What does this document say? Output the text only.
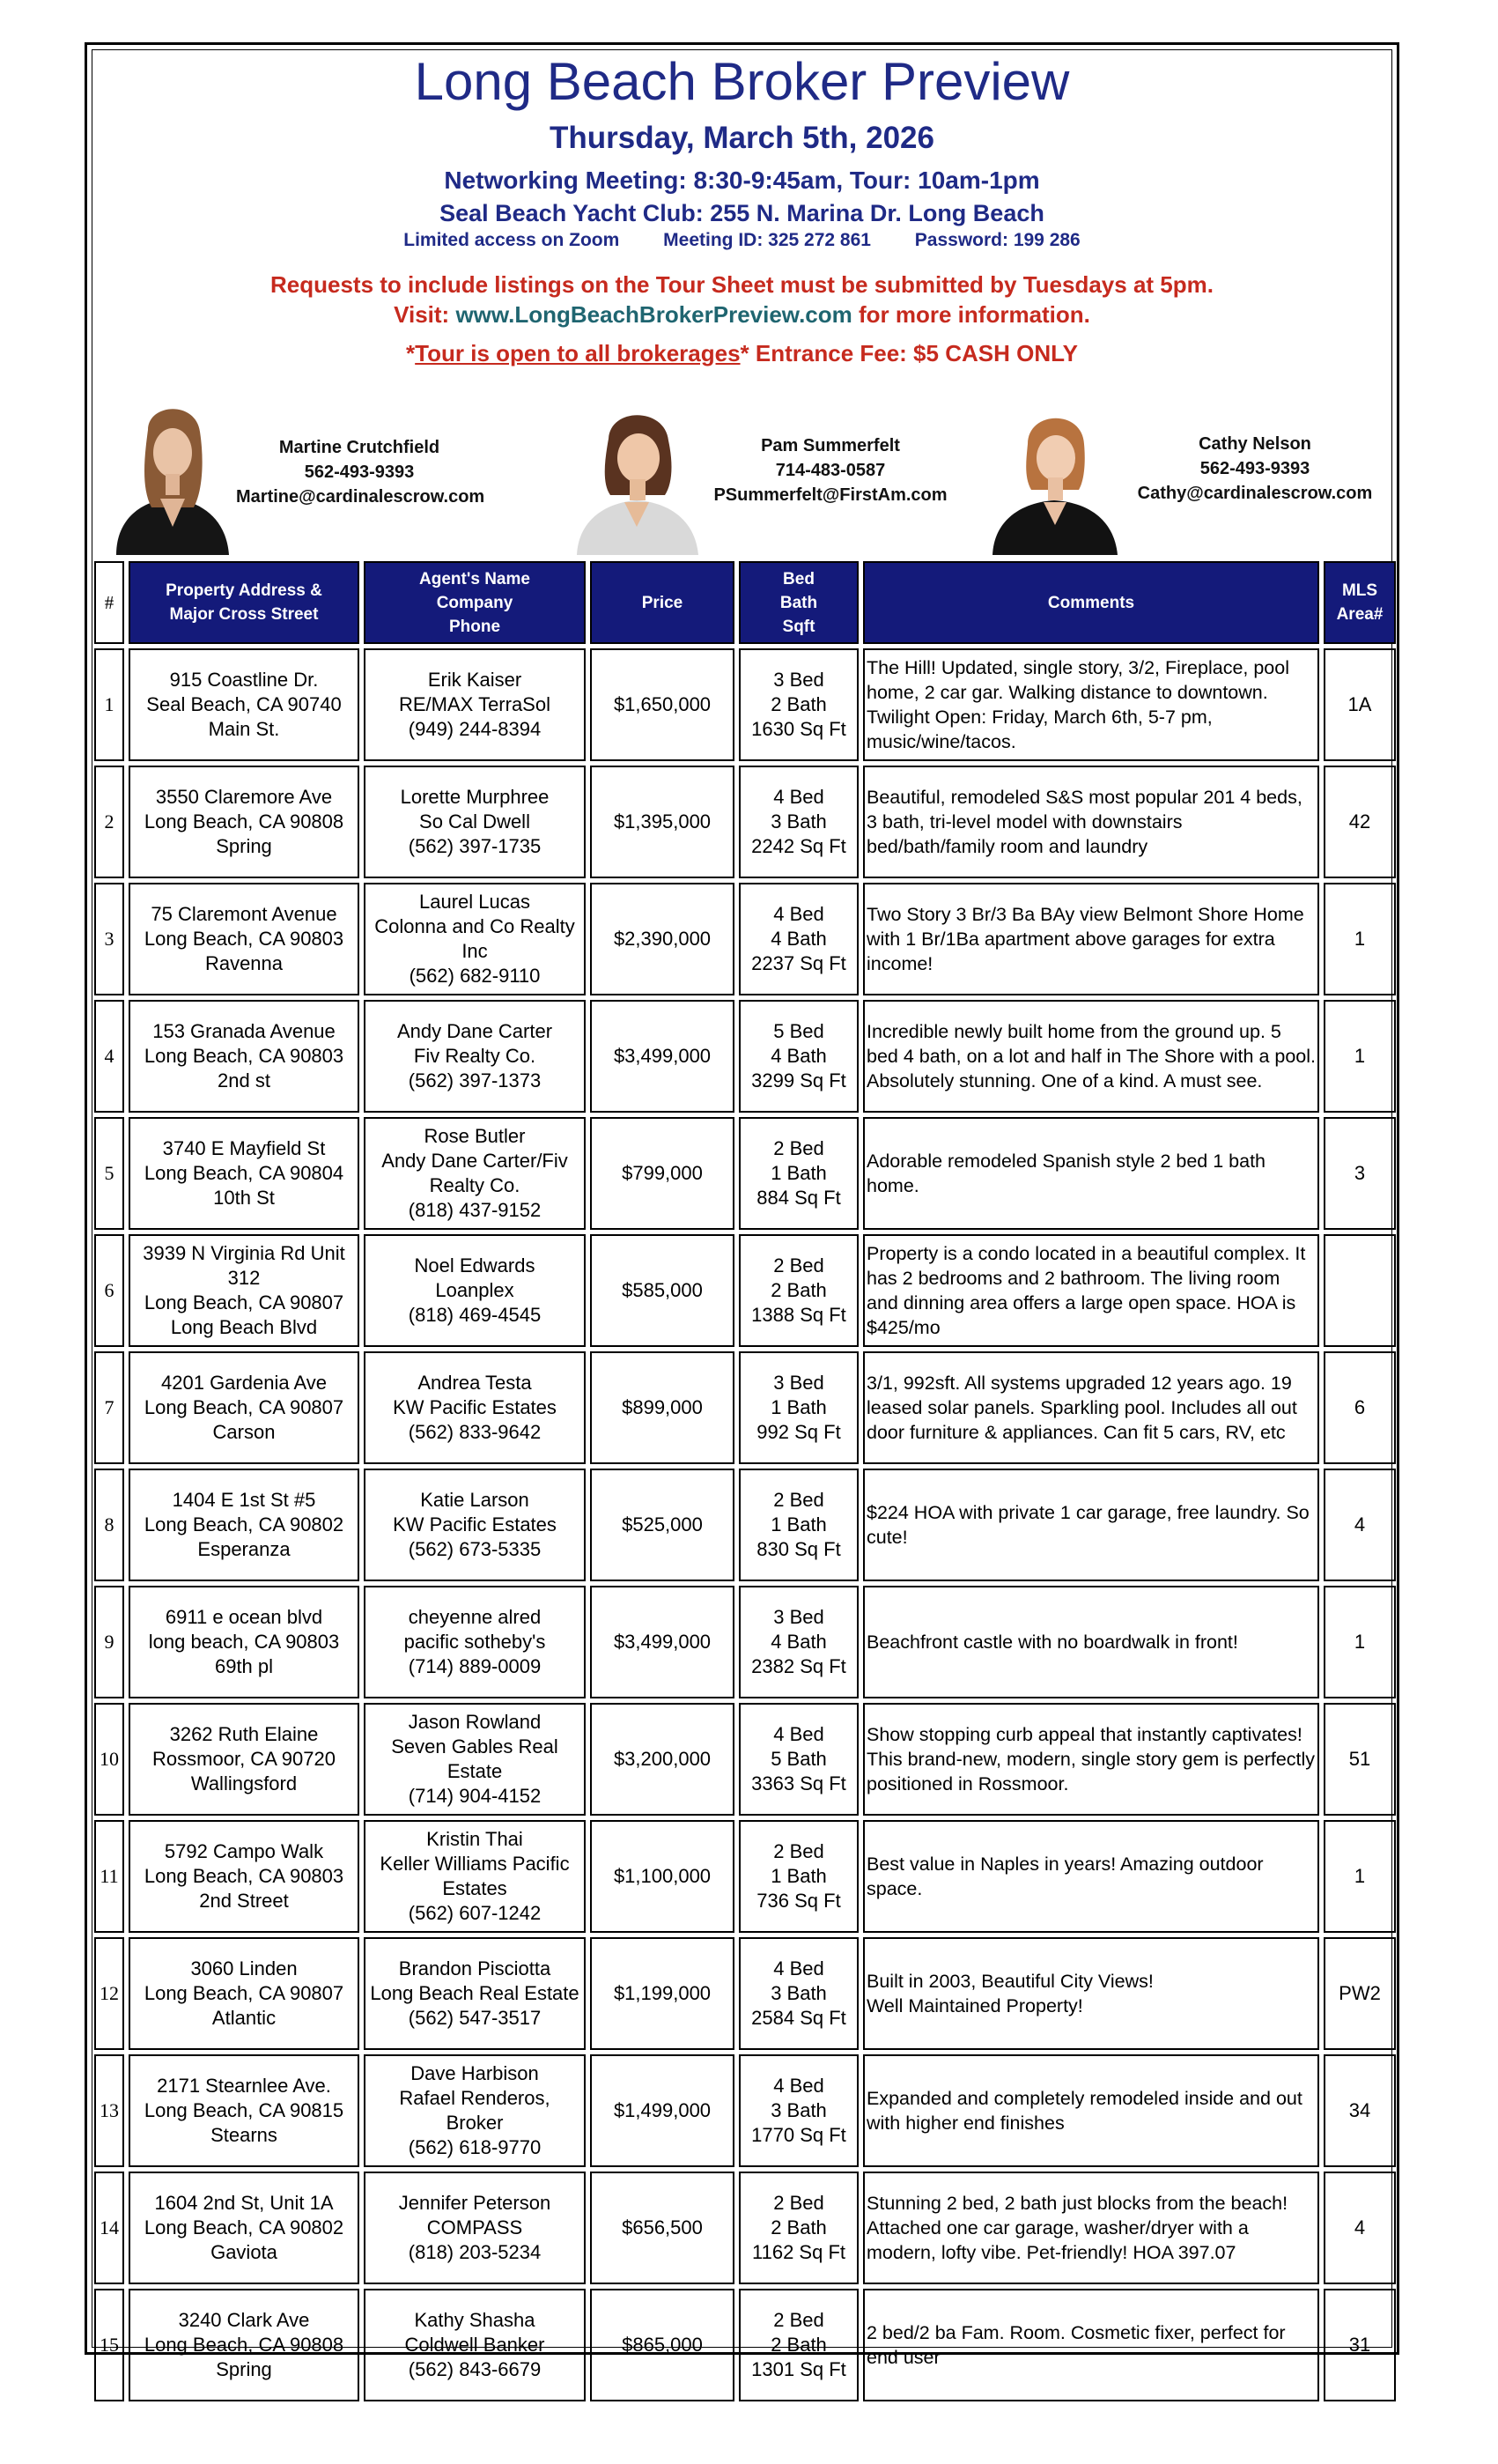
Long Beach Broker Preview
Thursday, March 5th, 2026
Networking Meeting: 8:30-9:45am, Tour: 10am-1pm
Seal Beach Yacht Club: 255 N. Marina Dr. Long Beach
Limited access on Zoom Meeting ID: 325 272 861 Password: 199 286
Requests to include listings on the Tour Sheet must be submitted by Tuesdays at 5pm.
Visit: www.LongBeachBrokerPreview.com for more information.
*Tour is open to all brokerages* Entrance Fee: $5 CASH ONLY
Martine Crutchfield
562-493-9393
Martine@cardinalescrow.com
Pam Summerfelt
714-483-0587
PSummerfelt@FirstAm.com
Cathy Nelson
562-493-9393
Cathy@cardinalescrow.com
#	Property Address &
Major Cross Street	Agent's Name
Company
Phone	Price	Bed
Bath
Sqft	Comments	MLS
Area#
1	915 Coastline Dr.
Seal Beach, CA 90740
Main St.	Erik Kaiser
RE/MAX TerraSol
(949) 244-8394	$1,650,000	3 Bed
2 Bath
1630 Sq Ft	The Hill! Updated, single story, 3/2, Fireplace, pool home, 2 car gar. Walking distance to downtown. Twilight Open: Friday, March 6th, 5-7 pm, music/wine/tacos.	1A
2	3550 Claremore Ave
Long Beach, CA 90808
Spring	Lorette Murphree
So Cal Dwell
(562) 397-1735	$1,395,000	4 Bed
3 Bath
2242 Sq Ft	Beautiful, remodeled S&S most popular 201 4 beds, 3 bath, tri-level model with downstairs bed/bath/family room and laundry	42
3	75 Claremont Avenue
Long Beach, CA 90803
Ravenna	Laurel Lucas
Colonna and Co Realty
Inc
(562) 682-9110	$2,390,000	4 Bed
4 Bath
2237 Sq Ft	Two Story 3 Br/3 Ba BAy view Belmont Shore Home with 1 Br/1Ba apartment above garages for extra income!	1
4	153 Granada Avenue
Long Beach, CA 90803
2nd st	Andy Dane Carter
Fiv Realty Co.
(562) 397-1373	$3,499,000	5 Bed
4 Bath
3299 Sq Ft	Incredible newly built home from the ground up. 5 bed 4 bath, on a lot and half in The Shore with a pool. Absolutely stunning. One of a kind. A must see.	1
5	3740 E Mayfield St
Long Beach, CA 90804
10th St	Rose Butler
Andy Dane Carter/Fiv
Realty Co.
(818) 437-9152	$799,000	2 Bed
1 Bath
884 Sq Ft	Adorable remodeled Spanish style 2 bed 1 bath home.	3
6	3939 N Virginia Rd Unit
312
Long Beach, CA 90807
Long Beach Blvd	Noel Edwards
Loanplex
(818) 469-4545	$585,000	2 Bed
2 Bath
1388 Sq Ft	Property is a condo located in a beautiful complex. It has 2 bedrooms and 2 bathroom. The living room and dinning area offers a large open space. HOA is $425/mo	
7	4201 Gardenia Ave
Long Beach, CA 90807
Carson	Andrea Testa
KW Pacific Estates
(562) 833-9642	$899,000	3 Bed
1 Bath
992 Sq Ft	3/1, 992sft. All systems upgraded 12 years ago. 19 leased solar panels. Sparkling pool. Includes all out door furniture & appliances. Can fit 5 cars, RV, etc	6
8	1404 E 1st St #5
Long Beach, CA 90802
Esperanza	Katie Larson
KW Pacific Estates
(562) 673-5335	$525,000	2 Bed
1 Bath
830 Sq Ft	$224 HOA with private 1 car garage, free laundry. So cute!	4
9	6911 e ocean blvd
long beach, CA 90803
69th pl	cheyenne alred
pacific sotheby's
(714) 889-0009	$3,499,000	3 Bed
4 Bath
2382 Sq Ft	Beachfront castle with no boardwalk in front!	1
10	3262 Ruth Elaine
Rossmoor, CA 90720
Wallingsford	Jason Rowland
Seven Gables Real
Estate
(714) 904-4152	$3,200,000	4 Bed
5 Bath
3363 Sq Ft	Show stopping curb appeal that instantly captivates! This brand-new, modern, single story gem is perfectly positioned in Rossmoor.	51
11	5792 Campo Walk
Long Beach, CA 90803
2nd Street	Kristin Thai
Keller Williams Pacific
Estates
(562) 607-1242	$1,100,000	2 Bed
1 Bath
736 Sq Ft	Best value in Naples in years! Amazing outdoor space.	1
12	3060 Linden
Long Beach, CA 90807
Atlantic	Brandon Pisciotta
Long Beach Real Estate
(562) 547-3517	$1,199,000	4 Bed
3 Bath
2584 Sq Ft	Built in 2003, Beautiful City Views!
Well Maintained Property!	PW2
13	2171 Stearnlee Ave.
Long Beach, CA 90815
Stearns	Dave Harbison
Rafael Renderos,
Broker
(562) 618-9770	$1,499,000	4 Bed
3 Bath
1770 Sq Ft	Expanded and completely remodeled inside and out with higher end finishes	34
14	1604 2nd St, Unit 1A
Long Beach, CA 90802
Gaviota	Jennifer Peterson
COMPASS
(818) 203-5234	$656,500	2 Bed
2 Bath
1162 Sq Ft	Stunning 2 bed, 2 bath just blocks from the beach! Attached one car garage, washer/dryer with a modern, lofty vibe. Pet-friendly! HOA 397.07	4
15	3240 Clark Ave
Long Beach, CA 90808
Spring	Kathy Shasha
Coldwell Banker
(562) 843-6679	$865,000	2 Bed
2 Bath
1301 Sq Ft	2 bed/2 ba Fam. Room. Cosmetic fixer, perfect for end user	31
